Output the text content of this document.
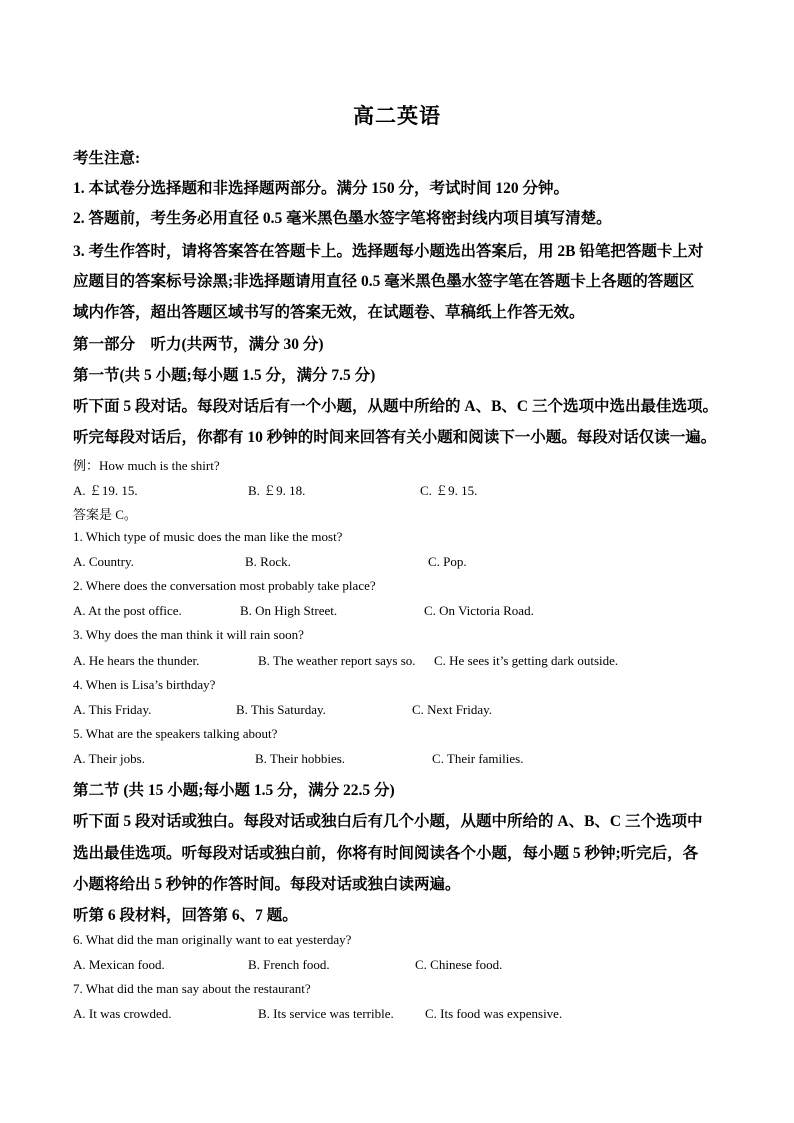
高二英语
考生注意:
1. 本试卷分选择题和非选择题两部分。满分 150 分，考试时间 120 分钟。
2. 答题前，考生务必用直径 0.5 毫米黑色墨水签字笔将密封线内项目填写清楚。
3. 考生作答时，请将答案答在答题卡上。选择题每小题选出答案后，用 2B 铅笔把答题卡上对
应题目的答案标号涂黑;非选择题请用直径 0.5 毫米黑色墨水签字笔在答题卡上各题的答题区
域内作答，超出答题区域书写的答案无效，在试题卷、草稿纸上作答无效。
第一部分　听力(共两节，满分 30 分)
第一节(共 5 小题;每小题 1.5 分，满分 7.5 分)
听下面 5 段对话。每段对话后有一个小题，从题中所给的 A、B、C 三个选项中选出最佳选项。
听完每段对话后，你都有 10 秒钟的时间来回答有关小题和阅读下一小题。每段对话仅读一遍。
例：How much is the shirt?
A. ￡19. 15.	B. ￡9. 18.	C. ￡9. 15.
答案是 C。
1. Which type of music does the man like the most?
A. Country.	B. Rock.	C. Pop.
2. Where does the conversation most probably take place?
A. At the post office.	B. On High Street.	C. On Victoria Road.
3. Why does the man think it will rain soon?
A. He hears the thunder.	B. The weather report says so. C. He sees it’s getting dark outside.
4. When is Lisa’s birthday?
A. This Friday.	B. This Saturday.	C. Next Friday.
5. What are the speakers talking about?
A. Their jobs.	B. Their hobbies.	C. Their families.
第二节 (共 15 小题;每小题 1.5 分，满分 22.5 分)
听下面 5 段对话或独白。每段对话或独白后有几个小题，从题中所给的 A、B、C 三个选项中
选出最佳选项。听每段对话或独白前，你将有时间阅读各个小题，每小题 5 秒钟;听完后，各
小题将给出 5 秒钟的作答时间。每段对话或独白读两遍。
听第 6 段材料，回答第 6、7 题。
6. What did the man originally want to eat yesterday?
A. Mexican food.	B. French food.	C. Chinese food.
7. What did the man say about the restaurant?
A. It was crowded.	B. Its service was terrible. C. Its food was expensive.
